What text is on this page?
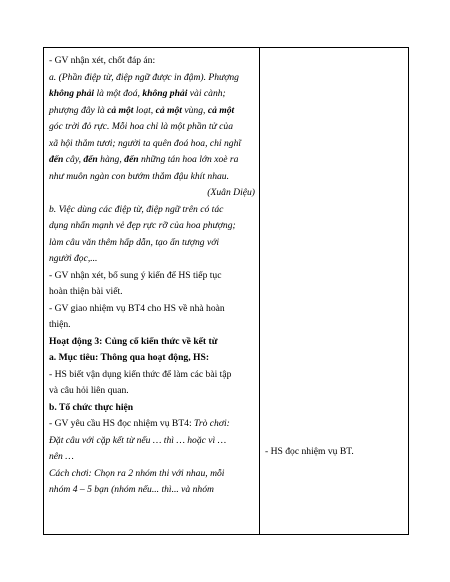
- GV nhận xét, chốt đáp án:
a. (Phần điệp từ, điệp ngữ được in đậm). Phượng
không phải là một đoá, không phải vài cành;
phượng đây là cả một loạt, cả một vùng, cả một
góc trời đỏ rực. Mỗi hoa chỉ là một phần tử của
xã hội thắm tươi; người ta quên đoá hoa, chỉ nghĩ
đến cây, đến hàng, đến những tán hoa lớn xoè ra
như muôn ngàn con bướm thắm đậu khít nhau.
(Xuân Diệu)
b. Việc dùng các điệp từ, điệp ngữ trên có tác
dụng nhấn mạnh vẻ đẹp rực rỡ của hoa phượng;
làm câu văn thêm hấp dẫn, tạo ấn tượng với
người đọc,...
- GV nhận xét, bổ sung ý kiến để HS tiếp tục
hoàn thiện bài viết.
- GV giao nhiệm vụ BT4 cho HS về nhà hoàn
thiện.
Hoạt động 3: Củng cố kiến thức về kết từ
a. Mục tiêu: Thông qua hoạt động, HS:
- HS biết vận dụng kiến thức để làm các bài tập
và câu hỏi liên quan.
b. Tổ chức thực hiện
- GV yêu cầu HS đọc nhiệm vụ BT4: Trò chơi:
Đặt câu với cặp kết từ nếu … thì … hoặc vì …
nên …
Cách chơi: Chọn ra 2 nhóm thi với nhau, mỗi
nhóm 4 – 5 bạn (nhóm nếu... thì... và nhóm
- HS đọc nhiệm vụ BT.
